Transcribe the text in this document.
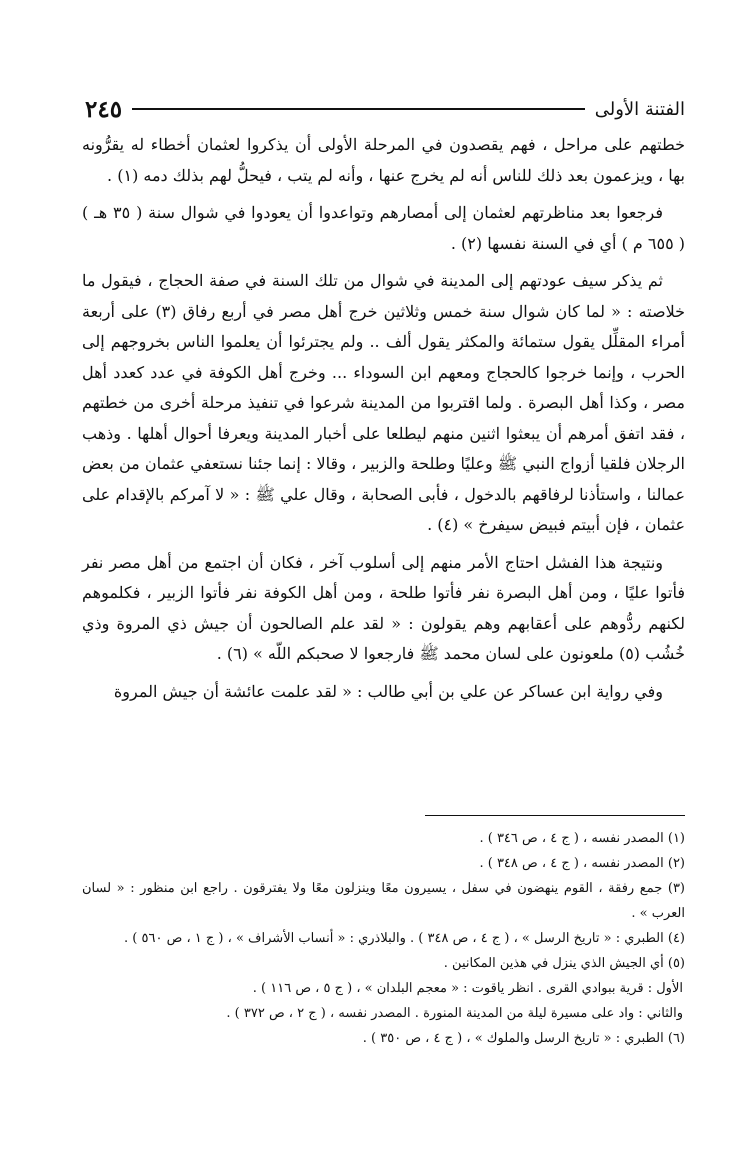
٢٤٥	الفتنة الأولى

خطتهم على مراحل ، فهم يقصدون في المرحلة الأولى أن يذكروا لعثمان أخطاء له يقرُّونه بها ، ويزعمون بعد ذلك للناس أنه لم يخرج عنها ، وأنه لم يتب ، فيحلُّ لهم بذلك دمه (١) .

فرجعوا بعد مناظرتهم لعثمان إلى أمصارهم وتواعدوا أن يعودوا في شوال سنة ( ٣٥ هـ ) ( ٦٥٥ م ) أي في السنة نفسها (٢) .

ثم يذكر سيف عودتهم إلى المدينة في شوال من تلك السنة في صفة الحجاج ، فيقول ما خلاصته : « لما كان شوال سنة خمس وثلاثين خرج أهل مصر في أربع رفاق (٣) على أربعة أمراء المقلِّل يقول ستمائة والمكثر يقول ألف .. ولم يجترئوا أن يعلموا الناس بخروجهم إلى الحرب ، وإنما خرجوا كالحجاج ومعهم ابن السوداء ... وخرج أهل الكوفة في عدد كعدد أهل مصر ، وكذا أهل البصرة . ولما اقتربوا من المدينة شرعوا في تنفيذ مرحلة أخرى من خطتهم ، فقد اتفق أمرهم أن يبعثوا اثنين منهم ليطلعا على أخبار المدينة ويعرفا أحوال أهلها . وذهب الرجلان فلقيا أزواج النبي ﷺ وعليًا وطلحة والزبير ، وقالا : إنما جئنا نستعفي عثمان من بعض عمالنا ، واستأذنا لرفاقهم بالدخول ، فأبى الصحابة ، وقال علي ﷺ : « لا آمركم بالإقدام على عثمان ، فإن أبيتم فبيض سيفرخ » (٤) .

ونتيجة هذا الفشل احتاج الأمر منهم إلى أسلوب آخر ، فكان أن اجتمع من أهل مصر نفر فأتوا عليًا ، ومن أهل البصرة نفر فأتوا طلحة ، ومن أهل الكوفة نفر فأتوا الزبير ، فكلموهم لكنهم ردُّوهم على أعقابهم وهم يقولون : « لقد علم الصالحون أن جيش ذي المروة وذي خُشُب (٥) ملعونون على لسان محمد ﷺ فارجعوا لا صحبكم اللّه » (٦) .

وفي رواية ابن عساكر عن علي بن أبي طالب : « لقد علمت عائشة أن جيش المروة

(١) المصدر نفسه ، ( ج ٤ ، ص ٣٤٦ ) .

(٢) المصدر نفسه ، ( ج ٤ ، ص ٣٤٨ ) .

(٣) جمع رفقة ، القوم ينهضون في سفل ، يسيرون معًا وينزلون معًا ولا يفترقون . راجع ابن منظور : « لسان العرب » .

(٤) الطبري : « تاريخ الرسل » ، ( ج ٤ ، ص ٣٤٨ ) . والبلاذري : « أنساب الأشراف » ، ( ج ١ ، ص ٥٦٠ ) .

(٥) أي الجيش الذي ينزل في هذين المكانين .

الأول : قرية ببوادي القرى . انظر ياقوت : « معجم البلدان » ، ( ج ٥ ، ص ١١٦ ) .

والثاني : واد على مسيرة ليلة من المدينة المنورة . المصدر نفسه ، ( ج ٢ ، ص ٣٧٢ ) .

(٦) الطبري : « تاريخ الرسل والملوك » ، ( ج ٤ ، ص ٣٥٠ ) .
